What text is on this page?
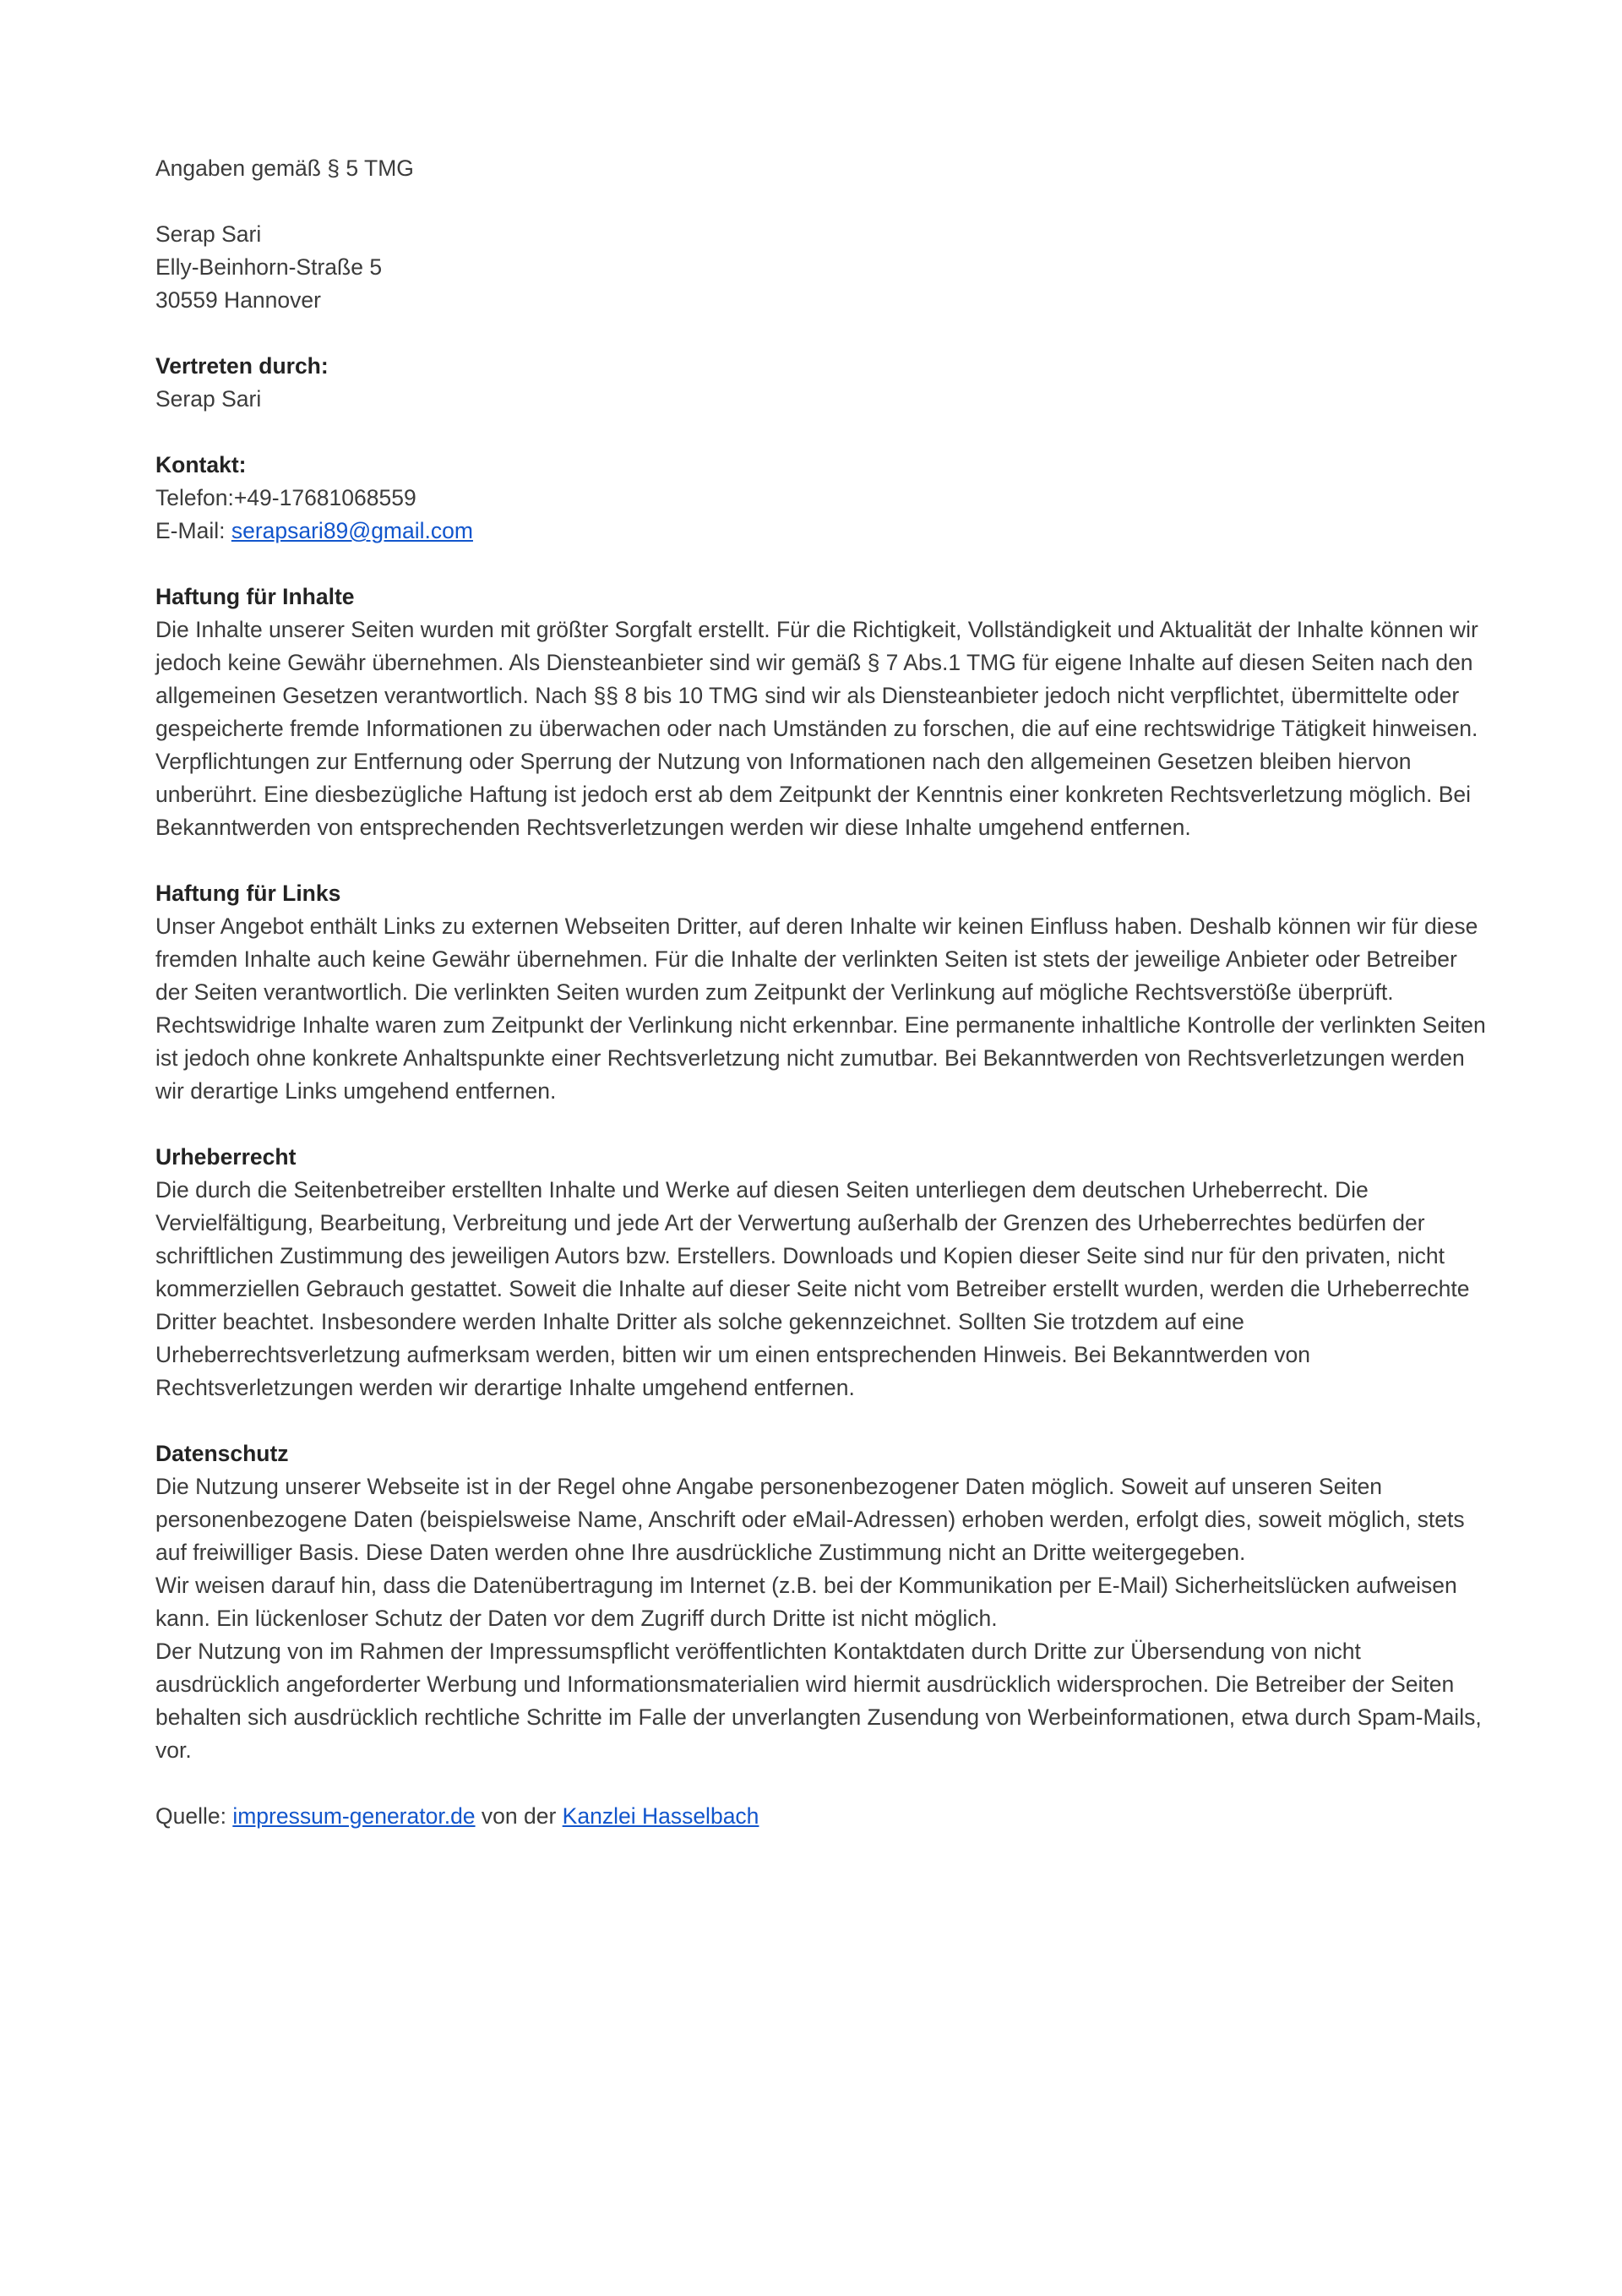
Angaben gemäß § 5 TMG

Serap Sari

Elly-Beinhorn-Straße 5

30559 Hannover

Vertreten durch:

Serap Sari

Kontakt:

Telefon:+49-17681068559

E-Mail: serapsari89@gmail.com

Haftung für Inhalte

Die Inhalte unserer Seiten wurden mit größter Sorgfalt erstellt. Für die Richtigkeit, Vollständigkeit und Aktualität der Inhalte können wir jedoch keine Gewähr übernehmen. Als Diensteanbieter sind wir gemäß § 7 Abs.1 TMG für eigene Inhalte auf diesen Seiten nach den allgemeinen Gesetzen verantwortlich. Nach §§ 8 bis 10 TMG sind wir als Diensteanbieter jedoch nicht verpflichtet, übermittelte oder gespeicherte fremde Informationen zu überwachen oder nach Umständen zu forschen, die auf eine rechtswidrige Tätigkeit hinweisen. Verpflichtungen zur Entfernung oder Sperrung der Nutzung von Informationen nach den allgemeinen Gesetzen bleiben hiervon unberührt. Eine diesbezügliche Haftung ist jedoch erst ab dem Zeitpunkt der Kenntnis einer konkreten Rechtsverletzung möglich. Bei Bekanntwerden von entsprechenden Rechtsverletzungen werden wir diese Inhalte umgehend entfernen.

Haftung für Links

Unser Angebot enthält Links zu externen Webseiten Dritter, auf deren Inhalte wir keinen Einfluss haben. Deshalb können wir für diese fremden Inhalte auch keine Gewähr übernehmen. Für die Inhalte der verlinkten Seiten ist stets der jeweilige Anbieter oder Betreiber der Seiten verantwortlich. Die verlinkten Seiten wurden zum Zeitpunkt der Verlinkung auf mögliche Rechtsverstöße überprüft. Rechtswidrige Inhalte waren zum Zeitpunkt der Verlinkung nicht erkennbar. Eine permanente inhaltliche Kontrolle der verlinkten Seiten ist jedoch ohne konkrete Anhaltspunkte einer Rechtsverletzung nicht zumutbar. Bei Bekanntwerden von Rechtsverletzungen werden wir derartige Links umgehend entfernen.

Urheberrecht

Die durch die Seitenbetreiber erstellten Inhalte und Werke auf diesen Seiten unterliegen dem deutschen Urheberrecht. Die Vervielfältigung, Bearbeitung, Verbreitung und jede Art der Verwertung außerhalb der Grenzen des Urheberrechtes bedürfen der schriftlichen Zustimmung des jeweiligen Autors bzw. Erstellers. Downloads und Kopien dieser Seite sind nur für den privaten, nicht kommerziellen Gebrauch gestattet. Soweit die Inhalte auf dieser Seite nicht vom Betreiber erstellt wurden, werden die Urheberrechte Dritter beachtet. Insbesondere werden Inhalte Dritter als solche gekennzeichnet. Sollten Sie trotzdem auf eine Urheberrechtsverletzung aufmerksam werden, bitten wir um einen entsprechenden Hinweis. Bei Bekanntwerden von Rechtsverletzungen werden wir derartige Inhalte umgehend entfernen.

Datenschutz

Die Nutzung unserer Webseite ist in der Regel ohne Angabe personenbezogener Daten möglich. Soweit auf unseren Seiten personenbezogene Daten (beispielsweise Name, Anschrift oder eMail-Adressen) erhoben werden, erfolgt dies, soweit möglich, stets auf freiwilliger Basis. Diese Daten werden ohne Ihre ausdrückliche Zustimmung nicht an Dritte weitergegeben.

Wir weisen darauf hin, dass die Datenübertragung im Internet (z.B. bei der Kommunikation per E-Mail) Sicherheitslücken aufweisen kann. Ein lückenloser Schutz der Daten vor dem Zugriff durch Dritte ist nicht möglich.

Der Nutzung von im Rahmen der Impressumspflicht veröffentlichten Kontaktdaten durch Dritte zur Übersendung von nicht ausdrücklich angeforderter Werbung und Informationsmaterialien wird hiermit ausdrücklich widersprochen. Die Betreiber der Seiten behalten sich ausdrücklich rechtliche Schritte im Falle der unverlangten Zusendung von Werbeinformationen, etwa durch Spam-Mails, vor.

Quelle: impressum-generator.de von der Kanzlei Hasselbach
